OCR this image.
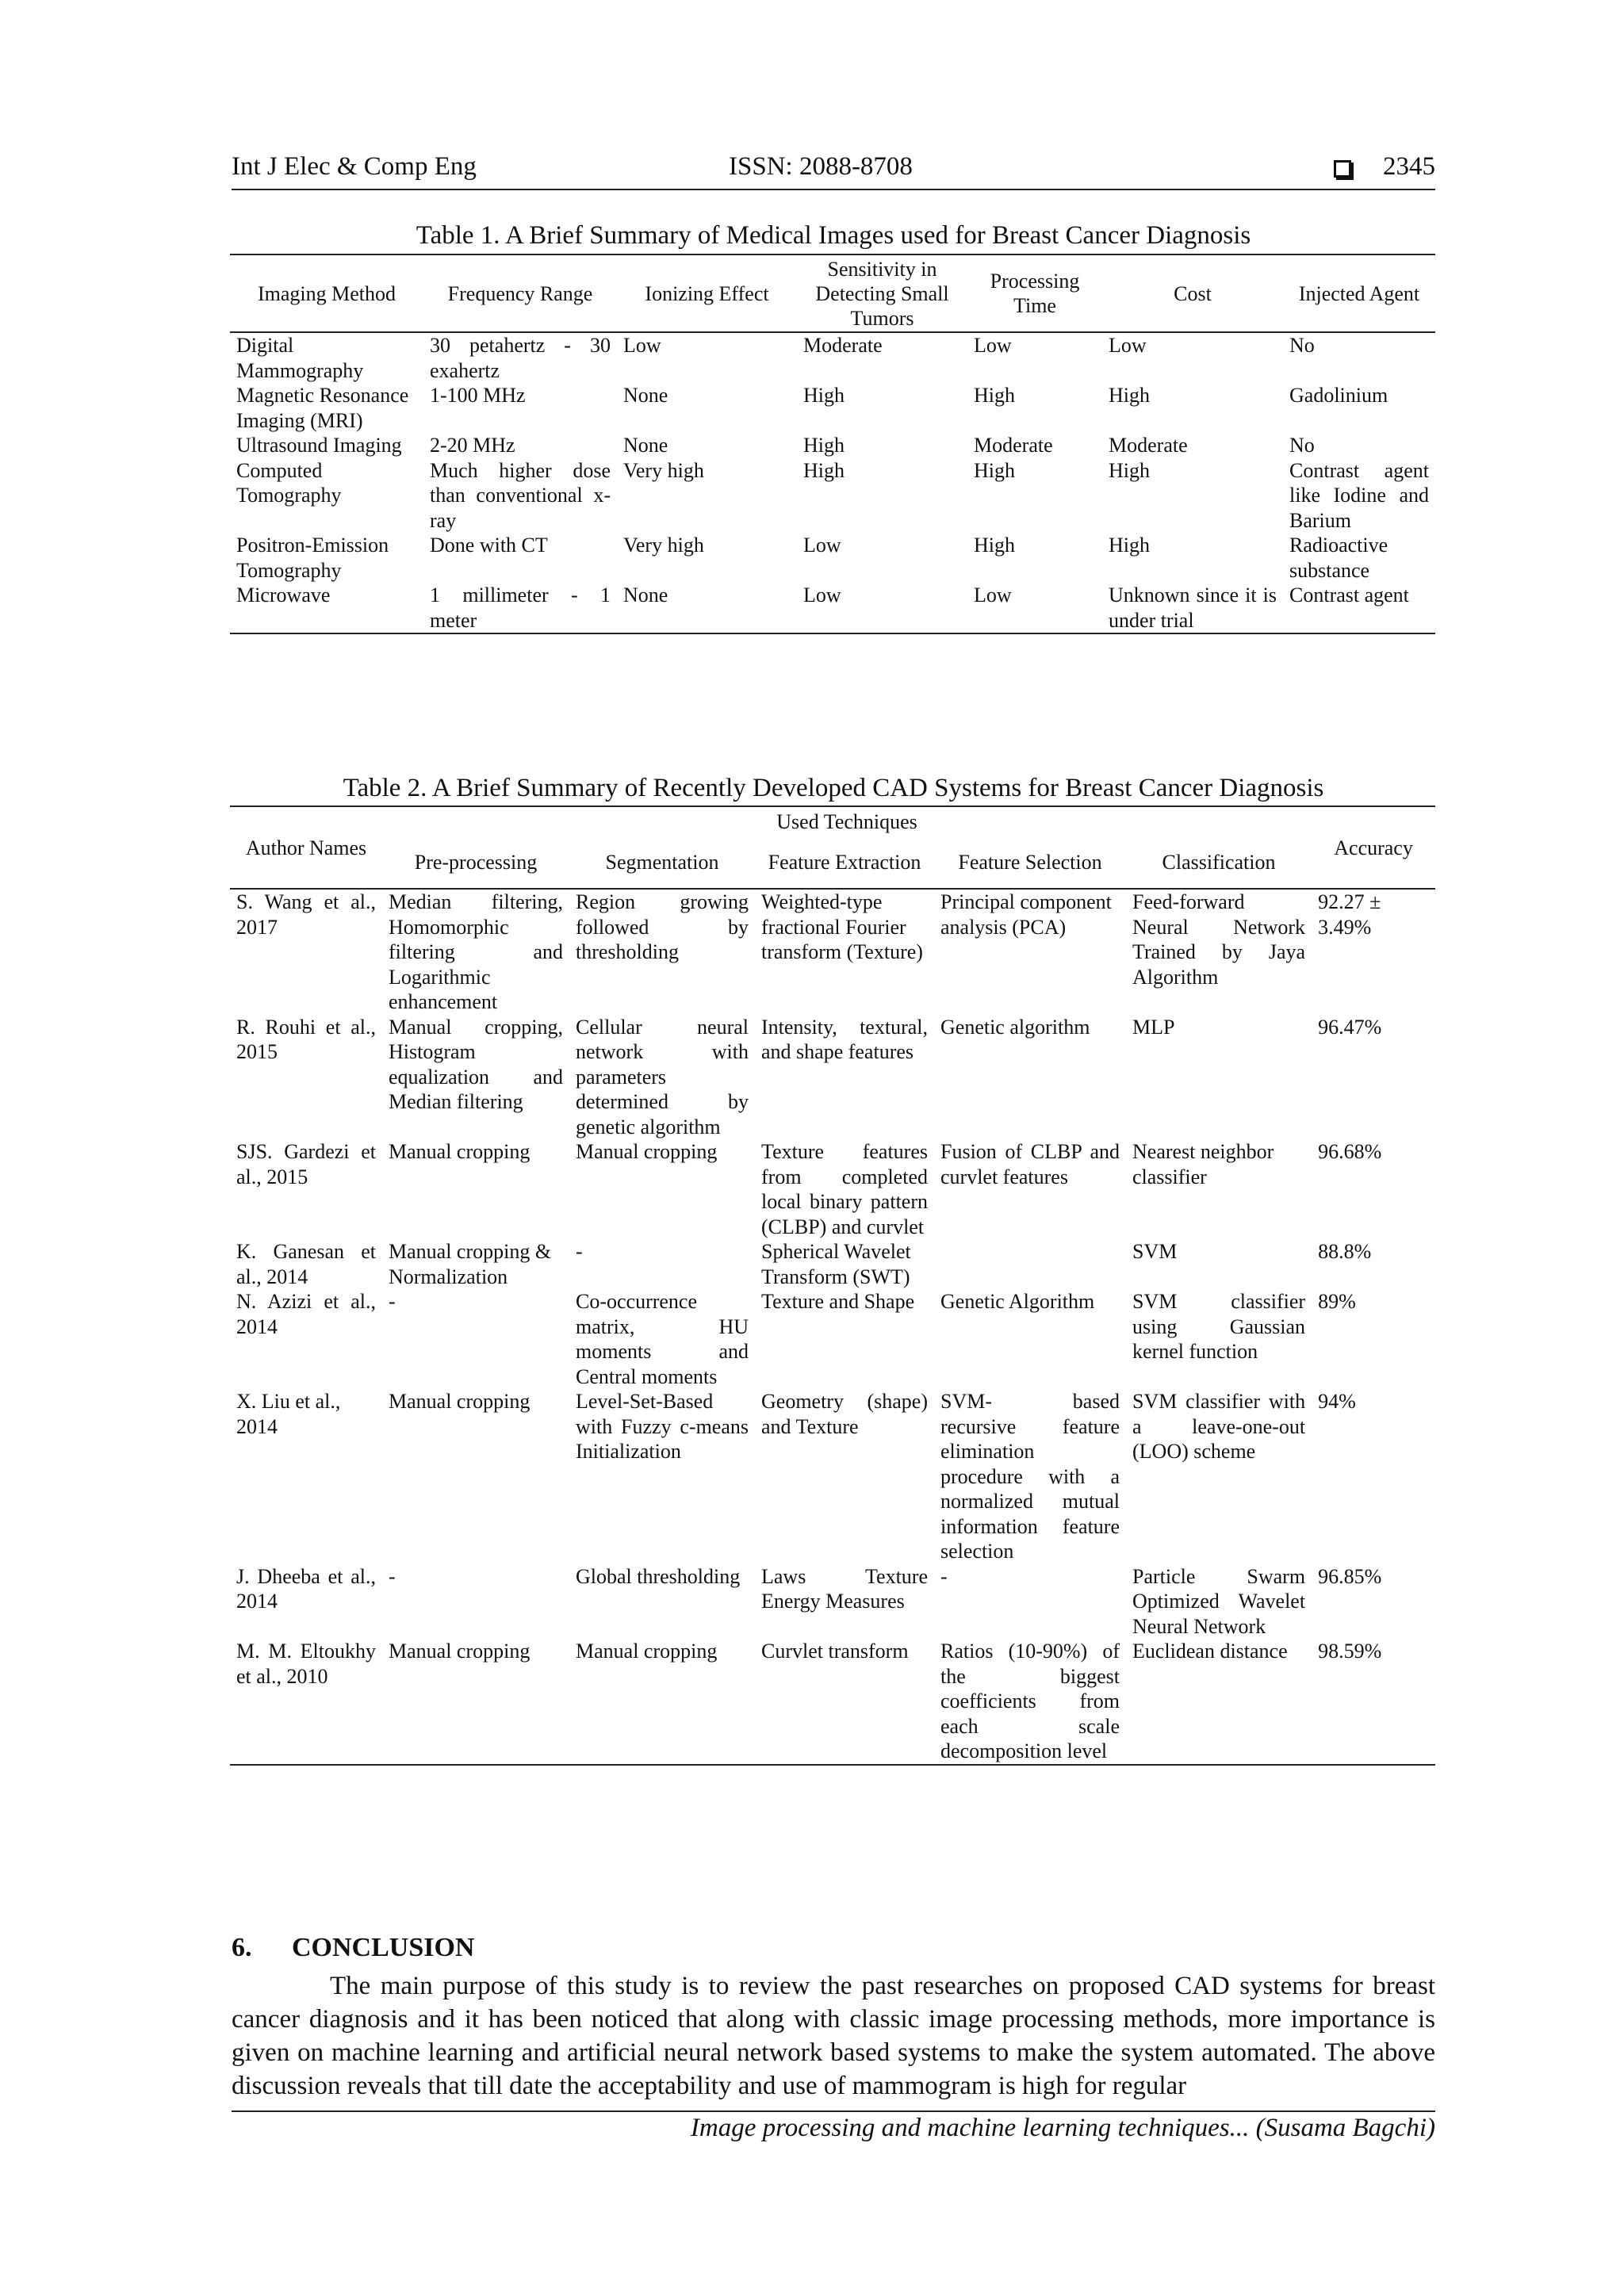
Int J Elec & Comp Eng	ISSN: 2088-8708	2345
Table 1. A Brief Summary of Medical Images used for Breast Cancer Diagnosis
Imaging Method	Frequency Range	Ionizing Effect	Sensitivity in Detecting Small Tumors	Processing Time	Cost	Injected Agent
Digital Mammography	30 petahertz - 30 exahertz	Low	Moderate	Low	Low	No
Magnetic Resonance Imaging (MRI)	1-100 MHz	None	High	High	High	Gadolinium
Ultrasound Imaging	2-20 MHz	None	High	Moderate	Moderate	No
Computed Tomography	Much higher dose than conventional x-ray	Very high	High	High	High	Contrast agent like Iodine and Barium
Positron-Emission Tomography	Done with CT	Very high	Low	High	High	Radioactive substance
Microwave	1 millimeter - 1 meter	None	Low	Low	Unknown since it is under trial	Contrast agent
Table 2. A Brief Summary of Recently Developed CAD Systems for Breast Cancer Diagnosis
Author Names	Used Techniques					Accuracy
	Pre-processing	Segmentation	Feature Extraction	Feature Selection	Classification	
S. Wang et al., 2017	Median filtering, Homomorphic filtering and Logarithmic enhancement	Region growing followed by thresholding	Weighted-type fractional Fourier transform (Texture)	Principal component analysis (PCA)	Feed-forward Neural Network Trained by Jaya Algorithm	92.27 ± 3.49%
R. Rouhi et al., 2015	Manual cropping, Histogram equalization and Median filtering	Cellular neural network with parameters determined by genetic algorithm	Intensity, textural, and shape features	Genetic algorithm	MLP	96.47%
SJS. Gardezi et al., 2015	Manual cropping	Manual cropping	Texture features from completed local binary pattern (CLBP) and curvlet	Fusion of CLBP and curvlet features	Nearest neighbor classifier	96.68%
K. Ganesan et al., 2014	Manual cropping & Normalization	-	Spherical Wavelet Transform (SWT)		SVM	88.8%
N. Azizi et al., 2014	-	Co-occurrence matrix, HU moments and Central moments	Texture and Shape	Genetic Algorithm	SVM classifier using Gaussian kernel function	89%
X. Liu et al., 2014	Manual cropping	Level-Set-Based with Fuzzy c-means Initialization	Geometry (shape) and Texture	SVM- based recursive feature elimination procedure with a normalized mutual information feature selection	SVM classifier with a leave-one-out (LOO) scheme	94%
J. Dheeba et al., 2014	-	Global thresholding	Laws Texture Energy Measures	-	Particle Swarm Optimized Wavelet Neural Network	96.85%
M. M. Eltoukhy et al., 2010	Manual cropping	Manual cropping	Curvlet transform	Ratios (10-90%) of the biggest coefficients from each scale decomposition level	Euclidean distance	98.59%
6. CONCLUSION
The main purpose of this study is to review the past researches on proposed CAD systems for breast cancer diagnosis and it has been noticed that along with classic image processing methods, more importance is given on machine learning and artificial neural network based systems to make the system automated. The above discussion reveals that till date the acceptability and use of mammogram is high for regular
Image processing and machine learning techniques... (Susama Bagchi)
